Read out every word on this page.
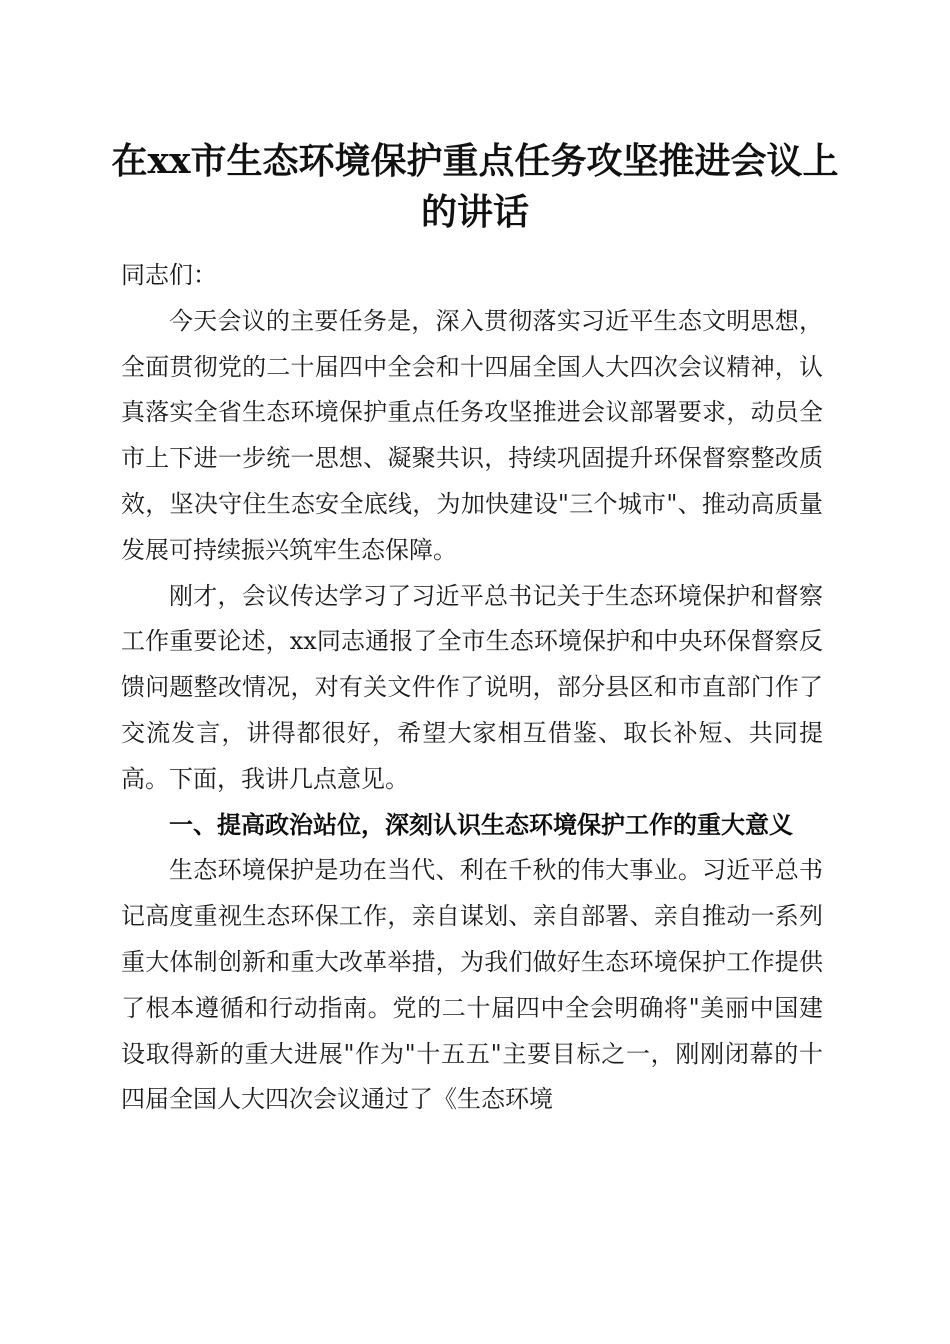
在xx市生态环境保护重点任务攻坚推进会议上的讲话

同志们：

今天会议的主要任务是，深入贯彻落实习近平生态文明思想，全面贯彻党的二十届四中全会和十四届全国人大四次会议精神，认真落实全省生态环境保护重点任务攻坚推进会议部署要求，动员全市上下进一步统一思想、凝聚共识，持续巩固提升环保督察整改质效，坚决守住生态安全底线，为加快建设"三个城市"、推动高质量发展可持续振兴筑牢生态保障。

刚才，会议传达学习了习近平总书记关于生态环境保护和督察工作重要论述，xx同志通报了全市生态环境保护和中央环保督察反馈问题整改情况，对有关文件作了说明，部分县区和市直部门作了交流发言，讲得都很好，希望大家相互借鉴、取长补短、共同提高。下面，我讲几点意见。

一、提高政治站位，深刻认识生态环境保护工作的重大意义

生态环境保护是功在当代、利在千秋的伟大事业。习近平总书记高度重视生态环保工作，亲自谋划、亲自部署、亲自推动一系列重大体制创新和重大改革举措，为我们做好生态环境保护工作提供了根本遵循和行动指南。党的二十届四中全会明确将"美丽中国建设取得新的重大进展"作为"十五五"主要目标之一，刚刚闭幕的十四届全国人大四次会议通过了《生态环境
